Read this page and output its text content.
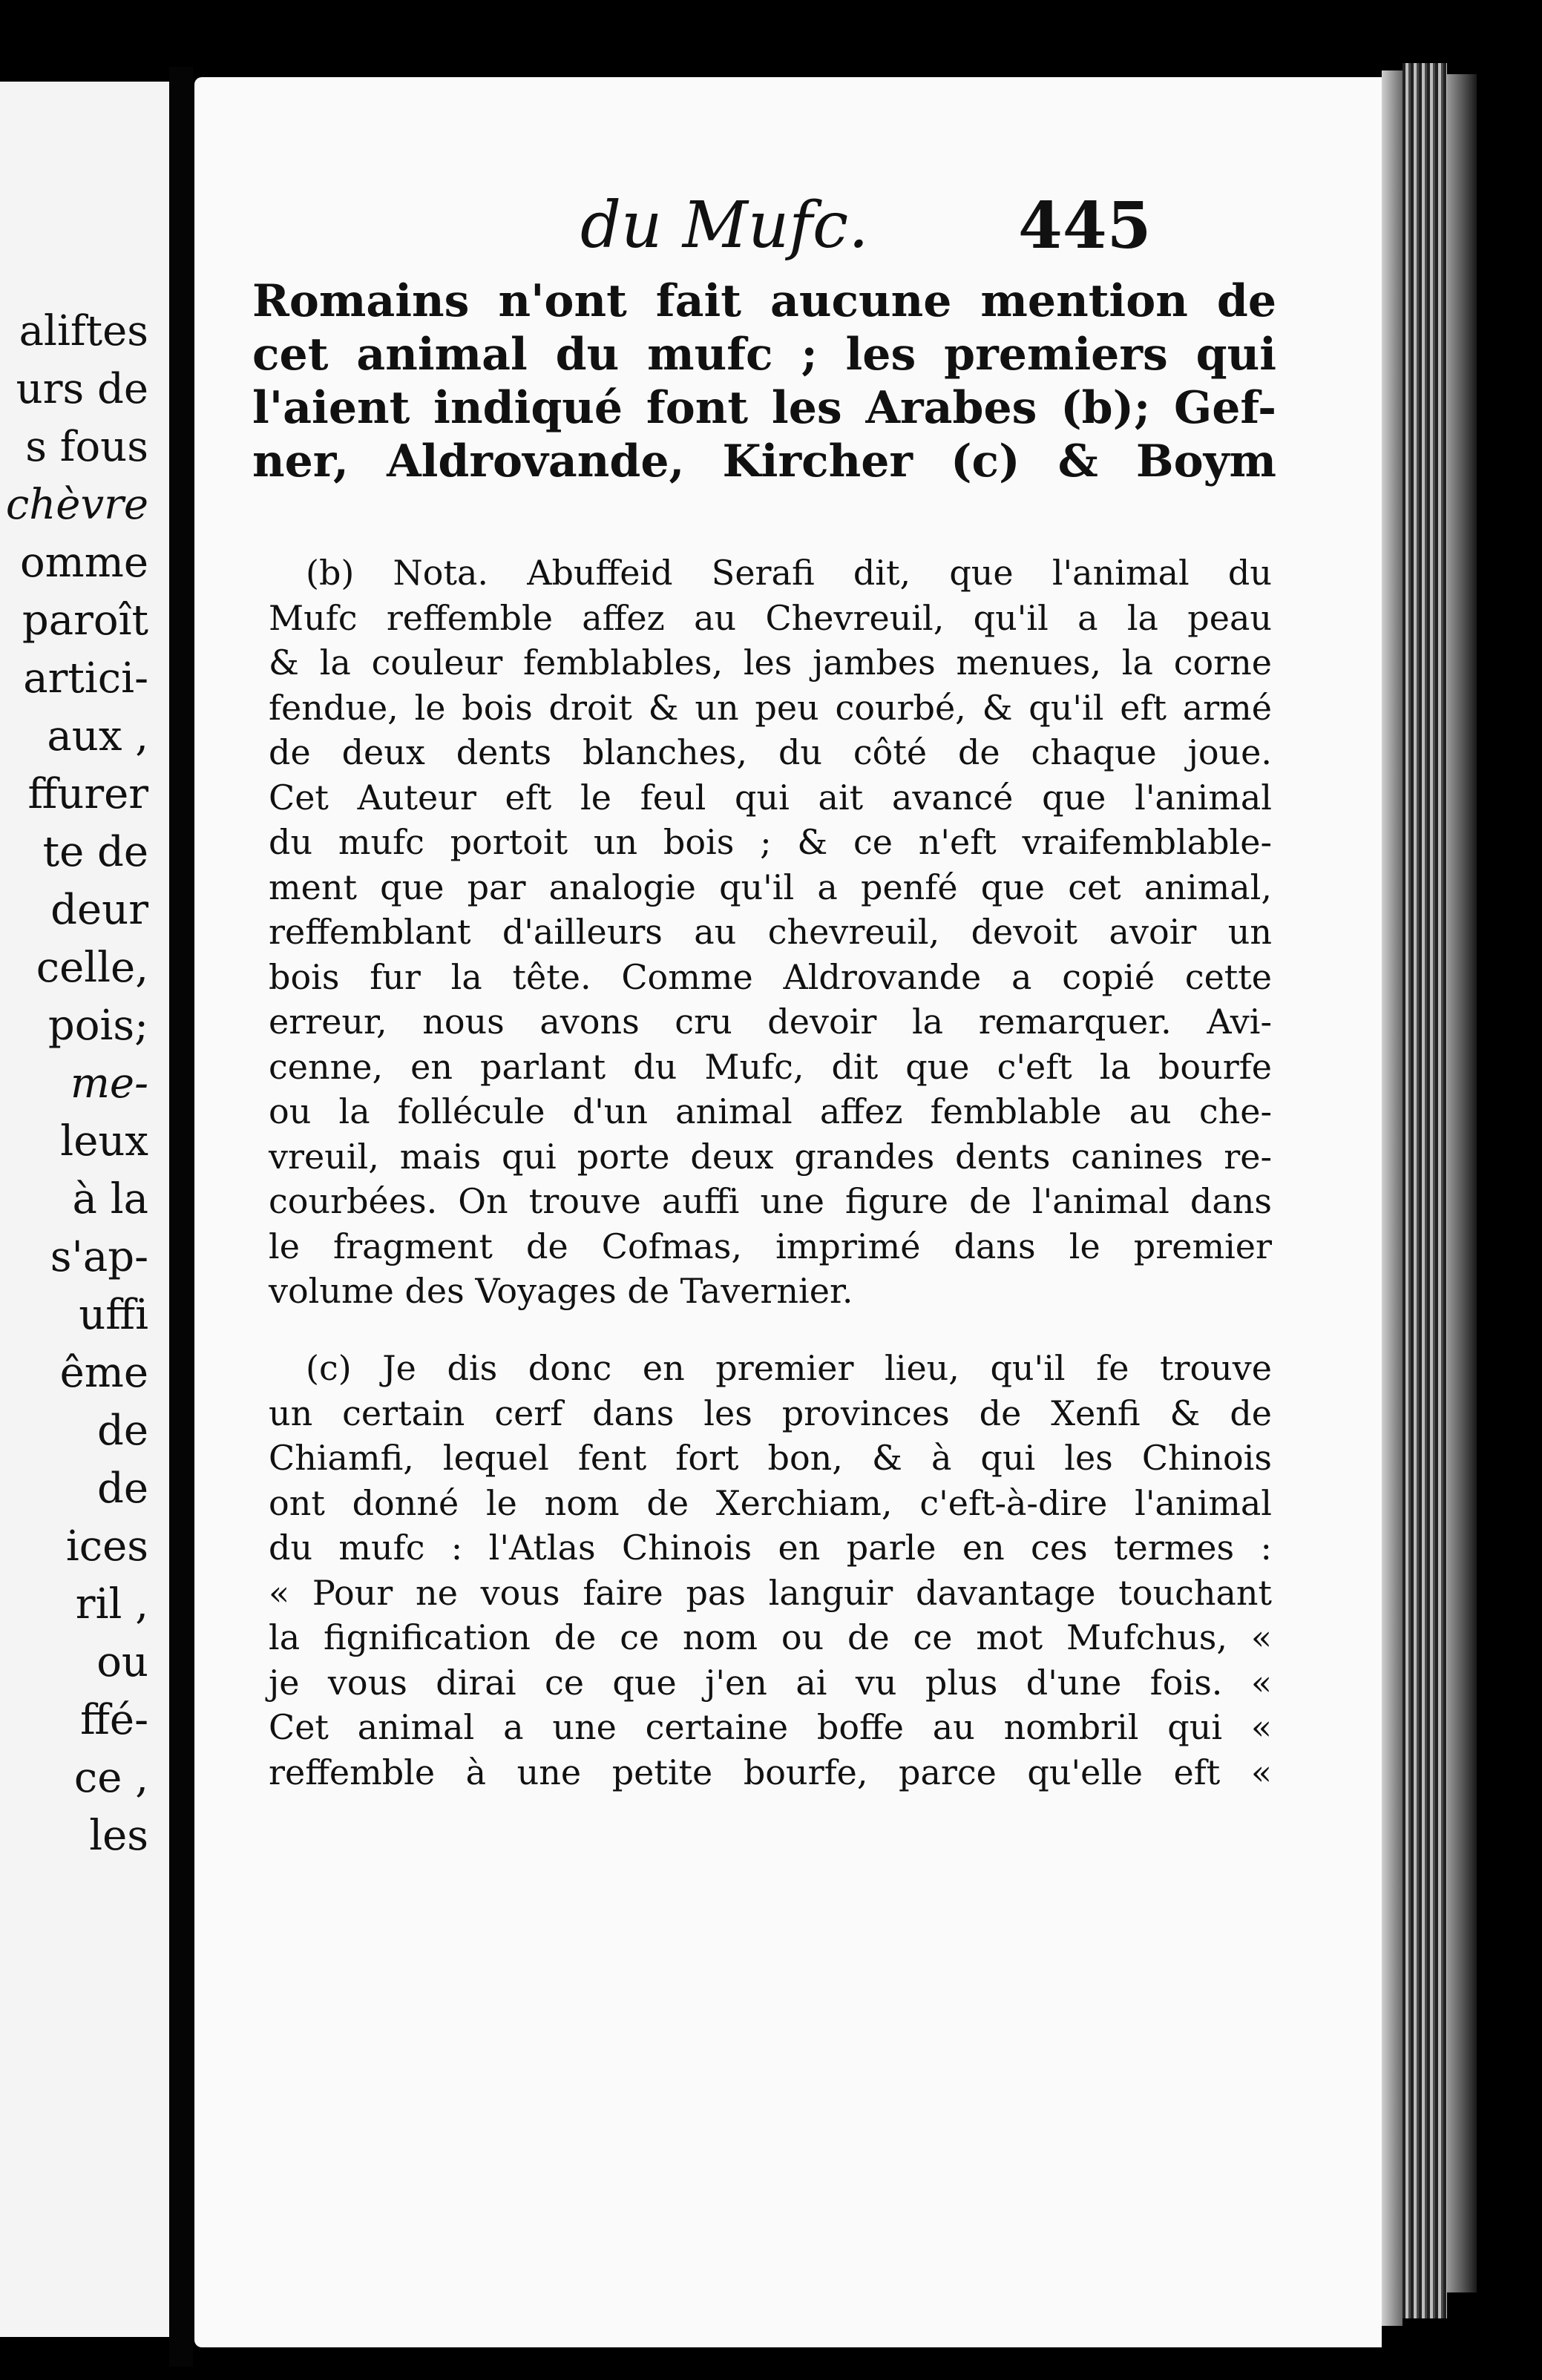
aliftes
urs de
s fous
chèvre
omme
paroît
artici-
aux ,
ffurer
te de
deur
celle,
pois;
me-
leux
à la
s'ap-
uffi
ême
de
de
ices
ril ,
ou
ffé-
ce ,
les
du Mufc. 445
Romains n'ont fait aucune mention de
cet animal du mufc ; les premiers qui
l'aient indiqué font les Arabes (b); Gef-
ner, Aldrovande, Kircher (c) & Boym
(b) Nota. Abuffeid Serafi dit, que l'animal du
Mufc reffemble affez au Chevreuil, qu'il a la peau
& la couleur femblables, les jambes menues, la corne
fendue, le bois droit & un peu courbé, & qu'il eft armé
de deux dents blanches, du côté de chaque joue.
Cet Auteur eft le feul qui ait avancé que l'animal
du mufc portoit un bois ; & ce n'eft vraifemblable-
ment que par analogie qu'il a penfé que cet animal,
reffemblant d'ailleurs au chevreuil, devoit avoir un
bois fur la tête. Comme Aldrovande a copié cette
erreur, nous avons cru devoir la remarquer. Avi-
cenne, en parlant du Mufc, dit que c'eft la bourfe
ou la follécule d'un animal affez femblable au che-
vreuil, mais qui porte deux grandes dents canines re-
courbées. On trouve auffi une figure de l'animal dans
le fragment de Cofmas, imprimé dans le premier
volume des Voyages de Tavernier.
(c) Je dis donc en premier lieu, qu'il fe trouve
un certain cerf dans les provinces de Xenfi & de
Chiamfi, lequel fent fort bon, & à qui les Chinois
ont donné le nom de Xerchiam, c'eft-à-dire l'animal
du mufc : l'Atlas Chinois en parle en ces termes :
« Pour ne vous faire pas languir davantage touchant
la fignification de ce nom ou de ce mot Mufchus, «
je vous dirai ce que j'en ai vu plus d'une fois. «
Cet animal a une certaine boffe au nombril qui «
reffemble à une petite bourfe, parce qu'elle eft «
